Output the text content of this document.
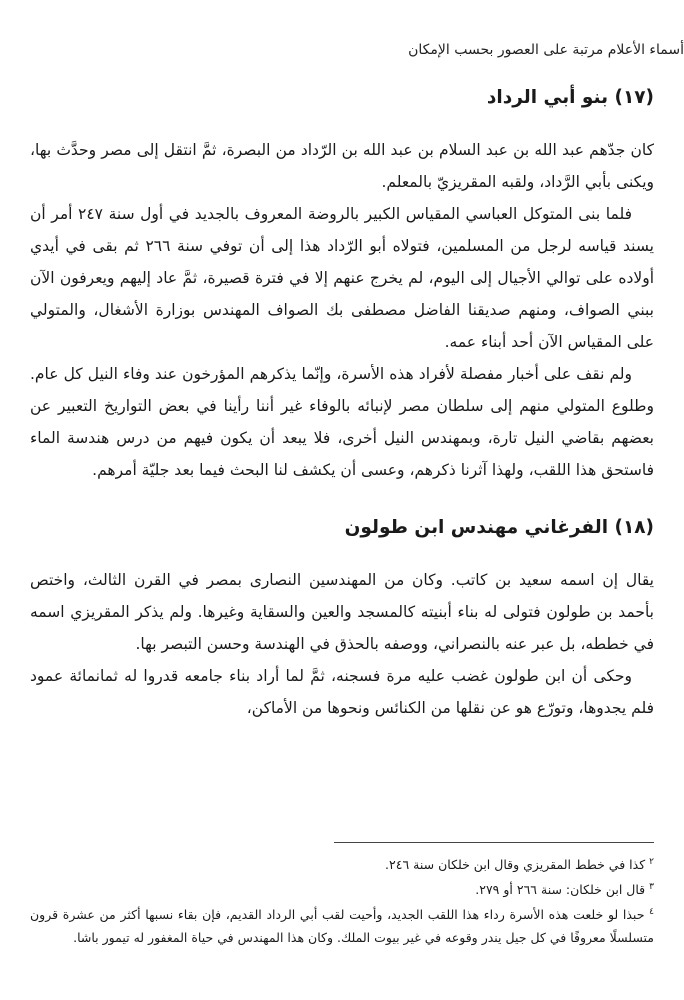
أسماء الأعلام مرتبة على العصور بحسب الإمكان

(١٧) بنو أبي الرداد

كان جدّهم عبد الله بن عبد السلام بن عبد الله بن الرّداد من البصرة، ثمَّ انتقل إلى مصر وحدَّث بها، ويكنى بأبي الرَّداد، ولقبه المقريزيّ بالمعلم.

فلما بنى المتوكل العباسي المقياس الكبير بالروضة المعروف بالجديد في أول سنة ٢٤٧ أمر أن يسند قياسه لرجل من المسلمين، فتولاه أبو الرّداد هذا إلى أن توفي سنة ٢٦٦ ثم بقى في أيدي أولاده على توالي الأجيال إلى اليوم، لم يخرج عنهم إلا في فترة قصيرة، ثمَّ عاد إليهم ويعرفون الآن ببني الصواف، ومنهم صديقنا الفاضل مصطفى بك الصواف المهندس بوزارة الأشغال، والمتولي على المقياس الآن أحد أبناء عمه.

ولم نقف على أخبار مفصلة لأفراد هذه الأسرة، وإنّما يذكرهم المؤرخون عند وفاء النيل كل عام. وطلوع المتولي منهم إلى سلطان مصر لإنبائه بالوفاء غير أننا رأينا في بعض التواريخ التعبير عن بعضهم بقاضي النيل تارة، وبمهندس النيل أخرى، فلا يبعد أن يكون فيهم من درس هندسة الماء فاستحق هذا اللقب، ولهذا آثرنا ذكرهم، وعسى أن يكشف لنا البحث فيما بعد جليّة أمرهم.

(١٨) الفرغاني مهندس ابن طولون

يقال إن اسمه سعيد بن كاتب. وكان من المهندسين النصارى بمصر في القرن الثالث، واختص بأحمد بن طولون فتولى له بناء أبنيته كالمسجد والعين والسقاية وغيرها. ولم يذكر المقريزي اسمه في خططه، بل عبر عنه بالنصراني، ووصفه بالحذق في الهندسة وحسن التبصر بها.

وحكى أن ابن طولون غضب عليه مرة فسجنه، ثمَّ لما أراد بناء جامعه قدروا له ثمانمائة عمود فلم يجدوها، وتورّع هو عن نقلها من الكنائس ونحوها من الأماكن،

$^٢$ كذا في خطط المقريزي وقال ابن خلكان سنة ٢٤٦.

$^٣$ قال ابن خلكان: سنة ٢٦٦ أو ٢٧٩.

$^٤$ حبذا لو خلعت هذه الأسرة رداء هذا اللقب الجديد، وأحيت لقب أبي الرداد القديم، فإن بقاء نسبها أكثر من عشرة قرون متسلسلًا معروفًا في كل جيل يندر وقوعه في غير بيوت الملك. وكان هذا المهندس في حياة المغفور له تيمور باشا.
